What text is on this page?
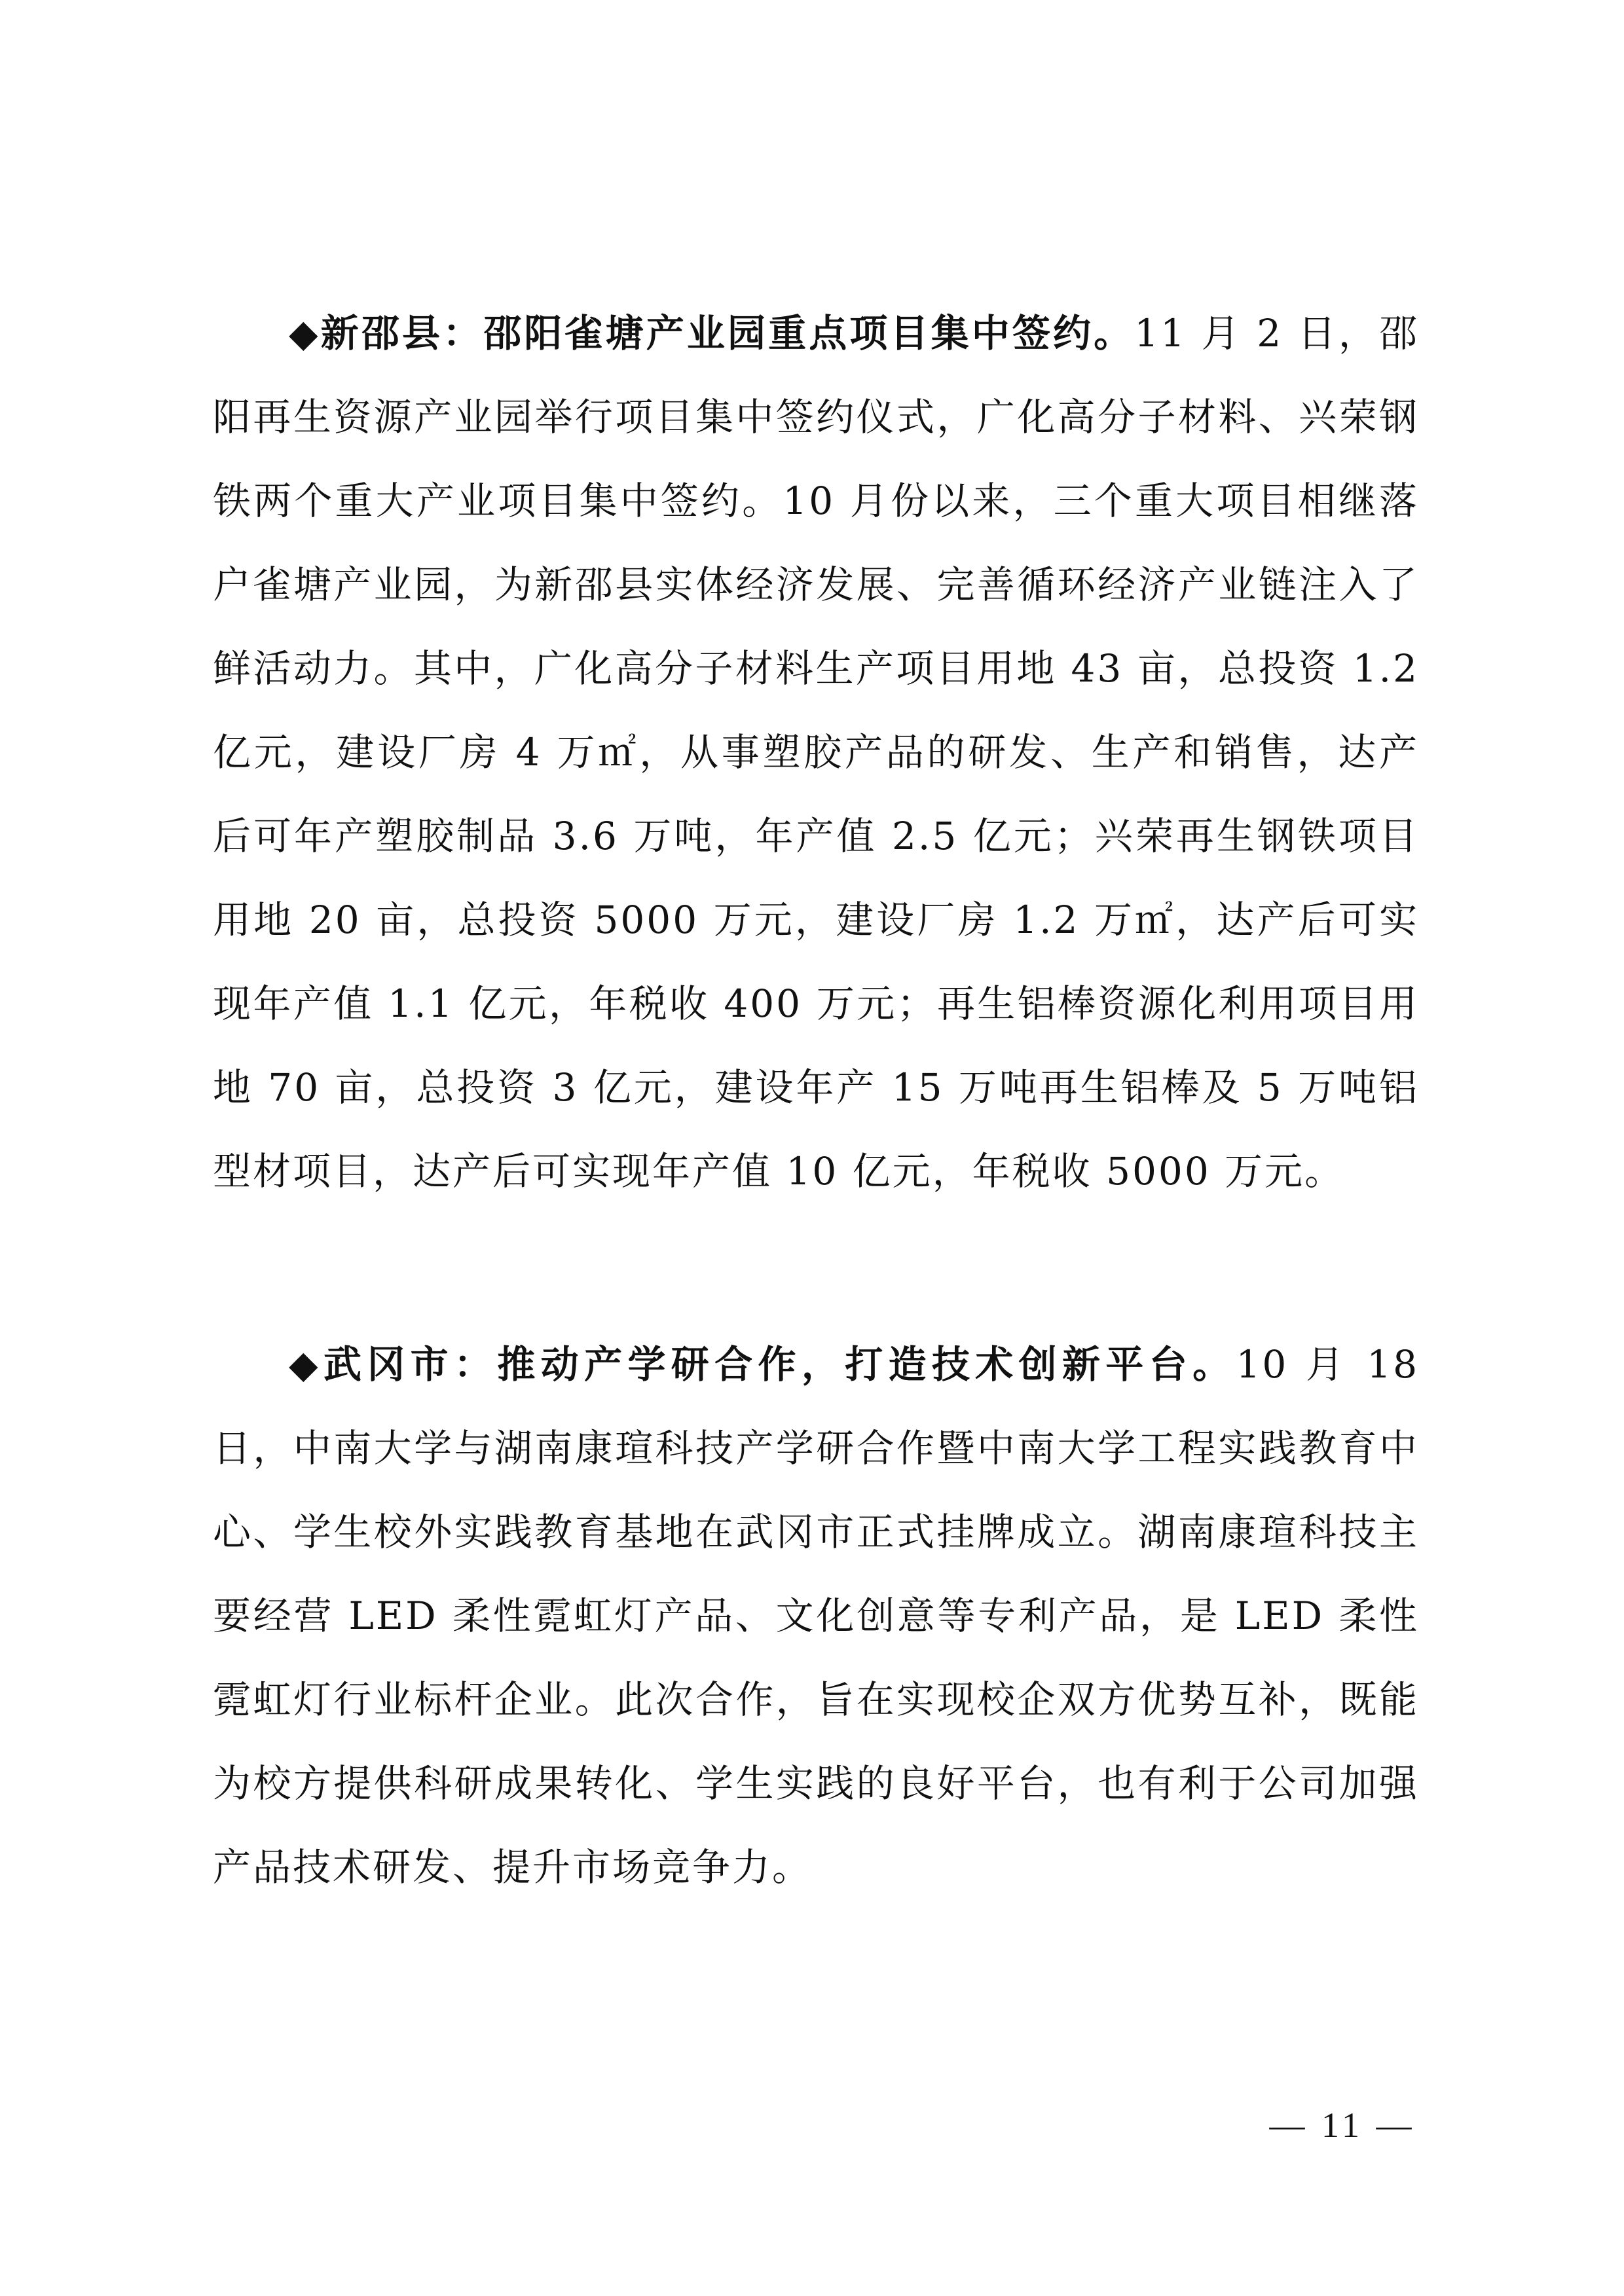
◆新邵县：邵阳雀塘产业园重点项目集中签约。11 月 2 日，邵阳再生资源产业园举行项目集中签约仪式，广化高分子材料、兴荣钢铁两个重大产业项目集中签约。10 月份以来，三个重大项目相继落户雀塘产业园，为新邵县实体经济发展、完善循环经济产业链注入了鲜活动力。其中，广化高分子材料生产项目用地 43 亩，总投资 1.2 亿元，建设厂房 4 万㎡，从事塑胶产品的研发、生产和销售，达产后可年产塑胶制品 3.6 万吨，年产值 2.5 亿元；兴荣再生钢铁项目用地 20 亩，总投资 5000 万元，建设厂房 1.2 万㎡，达产后可实现年产值 1.1 亿元，年税收 400 万元；再生铝棒资源化利用项目用地 70 亩，总投资 3 亿元，建设年产 15 万吨再生铝棒及 5 万吨铝型材项目，达产后可实现年产值 10 亿元，年税收 5000 万元。

◆武冈市：推动产学研合作，打造技术创新平台。10 月 18 日，中南大学与湖南康瑄科技产学研合作暨中南大学工程实践教育中心、学生校外实践教育基地在武冈市正式挂牌成立。湖南康瑄科技主要经营 LED 柔性霓虹灯产品、文化创意等专利产品，是 LED 柔性霓虹灯行业标杆企业。此次合作，旨在实现校企双方优势互补，既能为校方提供科研成果转化、学生实践的良好平台，也有利于公司加强产品技术研发、提升市场竞争力。

— 11 —
